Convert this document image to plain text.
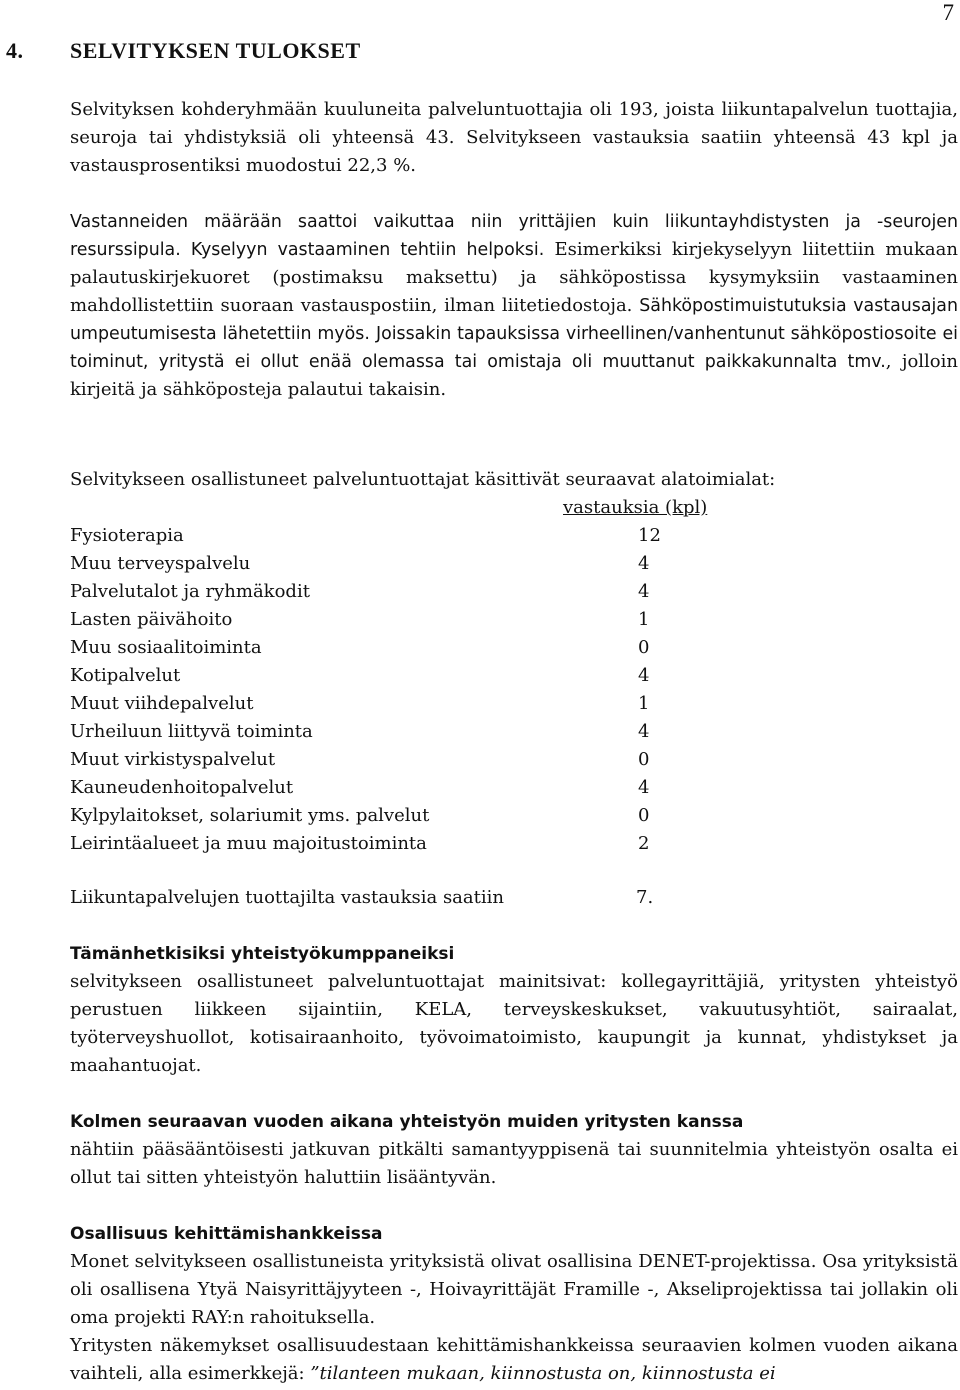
7
4. SELVITYKSEN TULOKSET

Selvityksen kohderyhmään kuuluneita palveluntuottajia oli 193, joista liikuntapalvelun tuottajia, seuroja tai yhdistyksiä oli yhteensä 43. Selvitykseen vastauksia saatiin yhteensä 43 kpl ja vastausprosentiksi muodostui 22,3 %.

Vastanneiden määrään saattoi vaikuttaa niin yrittäjien kuin liikuntayhdistysten ja -seurojen resurssipula. Kyselyyn vastaaminen tehtiin helpoksi. Esimerkiksi kirjekyselyyn liitettiin mukaan palautuskirjekuoret (postimaksu maksettu) ja sähköpostissa kysymyksiin vastaaminen mahdollistettiin suoraan vastauspostiin, ilman liitetiedostoja. Sähköpostimuistutuksia vastausajan umpeutumisesta lähetettiin myös. Joissakin tapauksissa virheellinen/vanhentunut sähköpostiosoite ei toiminut, yritystä ei ollut enää olemassa tai omistaja oli muuttanut paikkakunnalta tmv., jolloin kirjeitä ja sähköposteja palautui takaisin.

Selvitykseen osallistuneet palveluntuottajat käsittivät seuraavat alatoimialat:

vastauksia (kpl)
Fysioterapia	12
Muu terveyspalvelu	4
Palvelutalot ja ryhmäkodit	4
Lasten päivähoito	1
Muu sosiaalitoiminta	0
Kotipalvelut	4
Muut viihdepalvelut	1
Urheiluun liittyvä toiminta	4
Muut virkistyspalvelut	0
Kauneudenhoitopalvelut	4
Kylpylaitokset, solariumit yms. palvelut	0
Leirintäalueet ja muu majoitustoiminta	2
Liikuntapalvelujen tuottajilta vastauksia saatiin	7.

Tämänhetkisiksi yhteistyökumppaneiksi
selvitykseen osallistuneet palveluntuottajat mainitsivat: kollegayrittäjiä, yritysten yhteistyö perustuen liikkeen sijaintiin, KELA, terveyskeskukset, vakuutusyhtiöt, sairaalat, työterveyshuollot, kotisairaanhoito, työvoimatoimisto, kaupungit ja kunnat, yhdistykset ja maahantuojat.

Kolmen seuraavan vuoden aikana yhteistyön muiden yritysten kanssa
nähtiin pääsääntöisesti jatkuvan pitkälti samantyyppisenä tai suunnitelmia yhteistyön osalta ei ollut tai sitten yhteistyön haluttiin lisääntyvän.

Osallisuus kehittämishankkeissa
Monet selvitykseen osallistuneista yrityksistä olivat osallisina DENET-projektissa. Osa yrityksistä oli osallisena Ytyä Naisyrittäjyyteen -, Hoivayrittäjät Framille -, Akseliprojektissa tai jollakin oli oma projekti RAY:n rahoituksella.

Yritysten näkemykset osallisuudestaan kehittämishankkeissa seuraavien kolmen vuoden aikana vaihteli, alla esimerkkejä: ”tilanteen mukaan, kiinnostusta on, kiinnostusta ei
